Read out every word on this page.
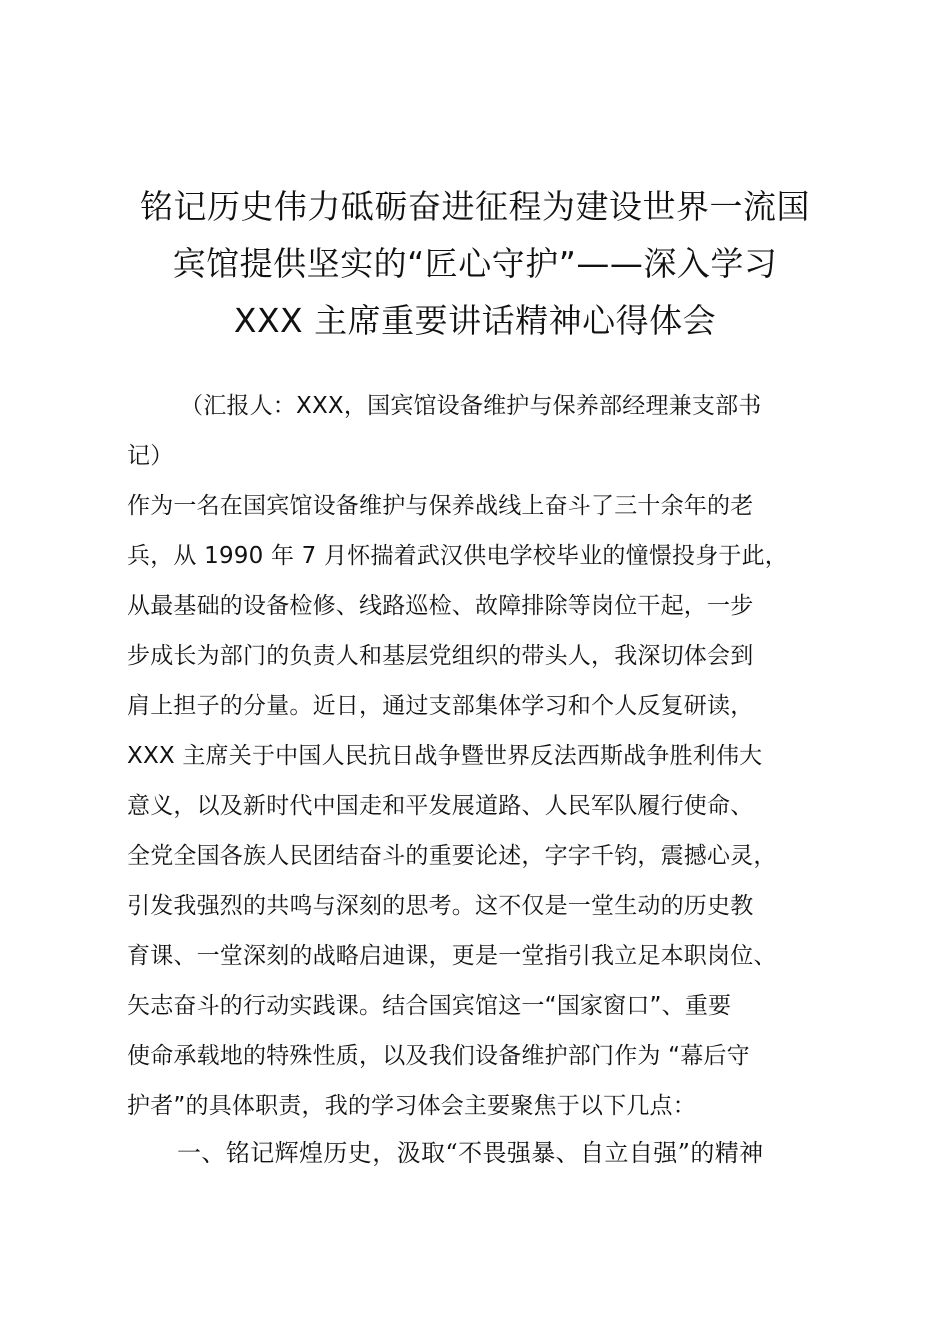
铭记历史伟力砥砺奋进征程为建设世界一流国
宾馆提供坚实的“匠心守护”——深入学习
XXX 主席重要讲话精神心得体会
（汇报人：XXX，国宾馆设备维护与保养部经理兼支部书
记）
作为一名在国宾馆设备维护与保养战线上奋斗了三十余年的老
兵，从 1990 年 7 月怀揣着武汉供电学校毕业的憧憬投身于此，
从最基础的设备检修、线路巡检、故障排除等岗位干起，一步
步成长为部门的负责人和基层党组织的带头人，我深切体会到
肩上担子的分量。近日，通过支部集体学习和个人反复研读，
XXX 主席关于中国人民抗日战争暨世界反法西斯战争胜利伟大
意义，以及新时代中国走和平发展道路、人民军队履行使命、
全党全国各族人民团结奋斗的重要论述，字字千钧，震撼心灵，
引发我强烈的共鸣与深刻的思考。这不仅是一堂生动的历史教
育课、一堂深刻的战略启迪课，更是一堂指引我立足本职岗位、
矢志奋斗的行动实践课。结合国宾馆这一“国家窗口”、重要
使命承载地的特殊性质，以及我们设备维护部门作为 “幕后守
护者”的具体职责，我的学习体会主要聚焦于以下几点：
一、铭记辉煌历史，汲取“不畏强暴、自立自强”的精神
